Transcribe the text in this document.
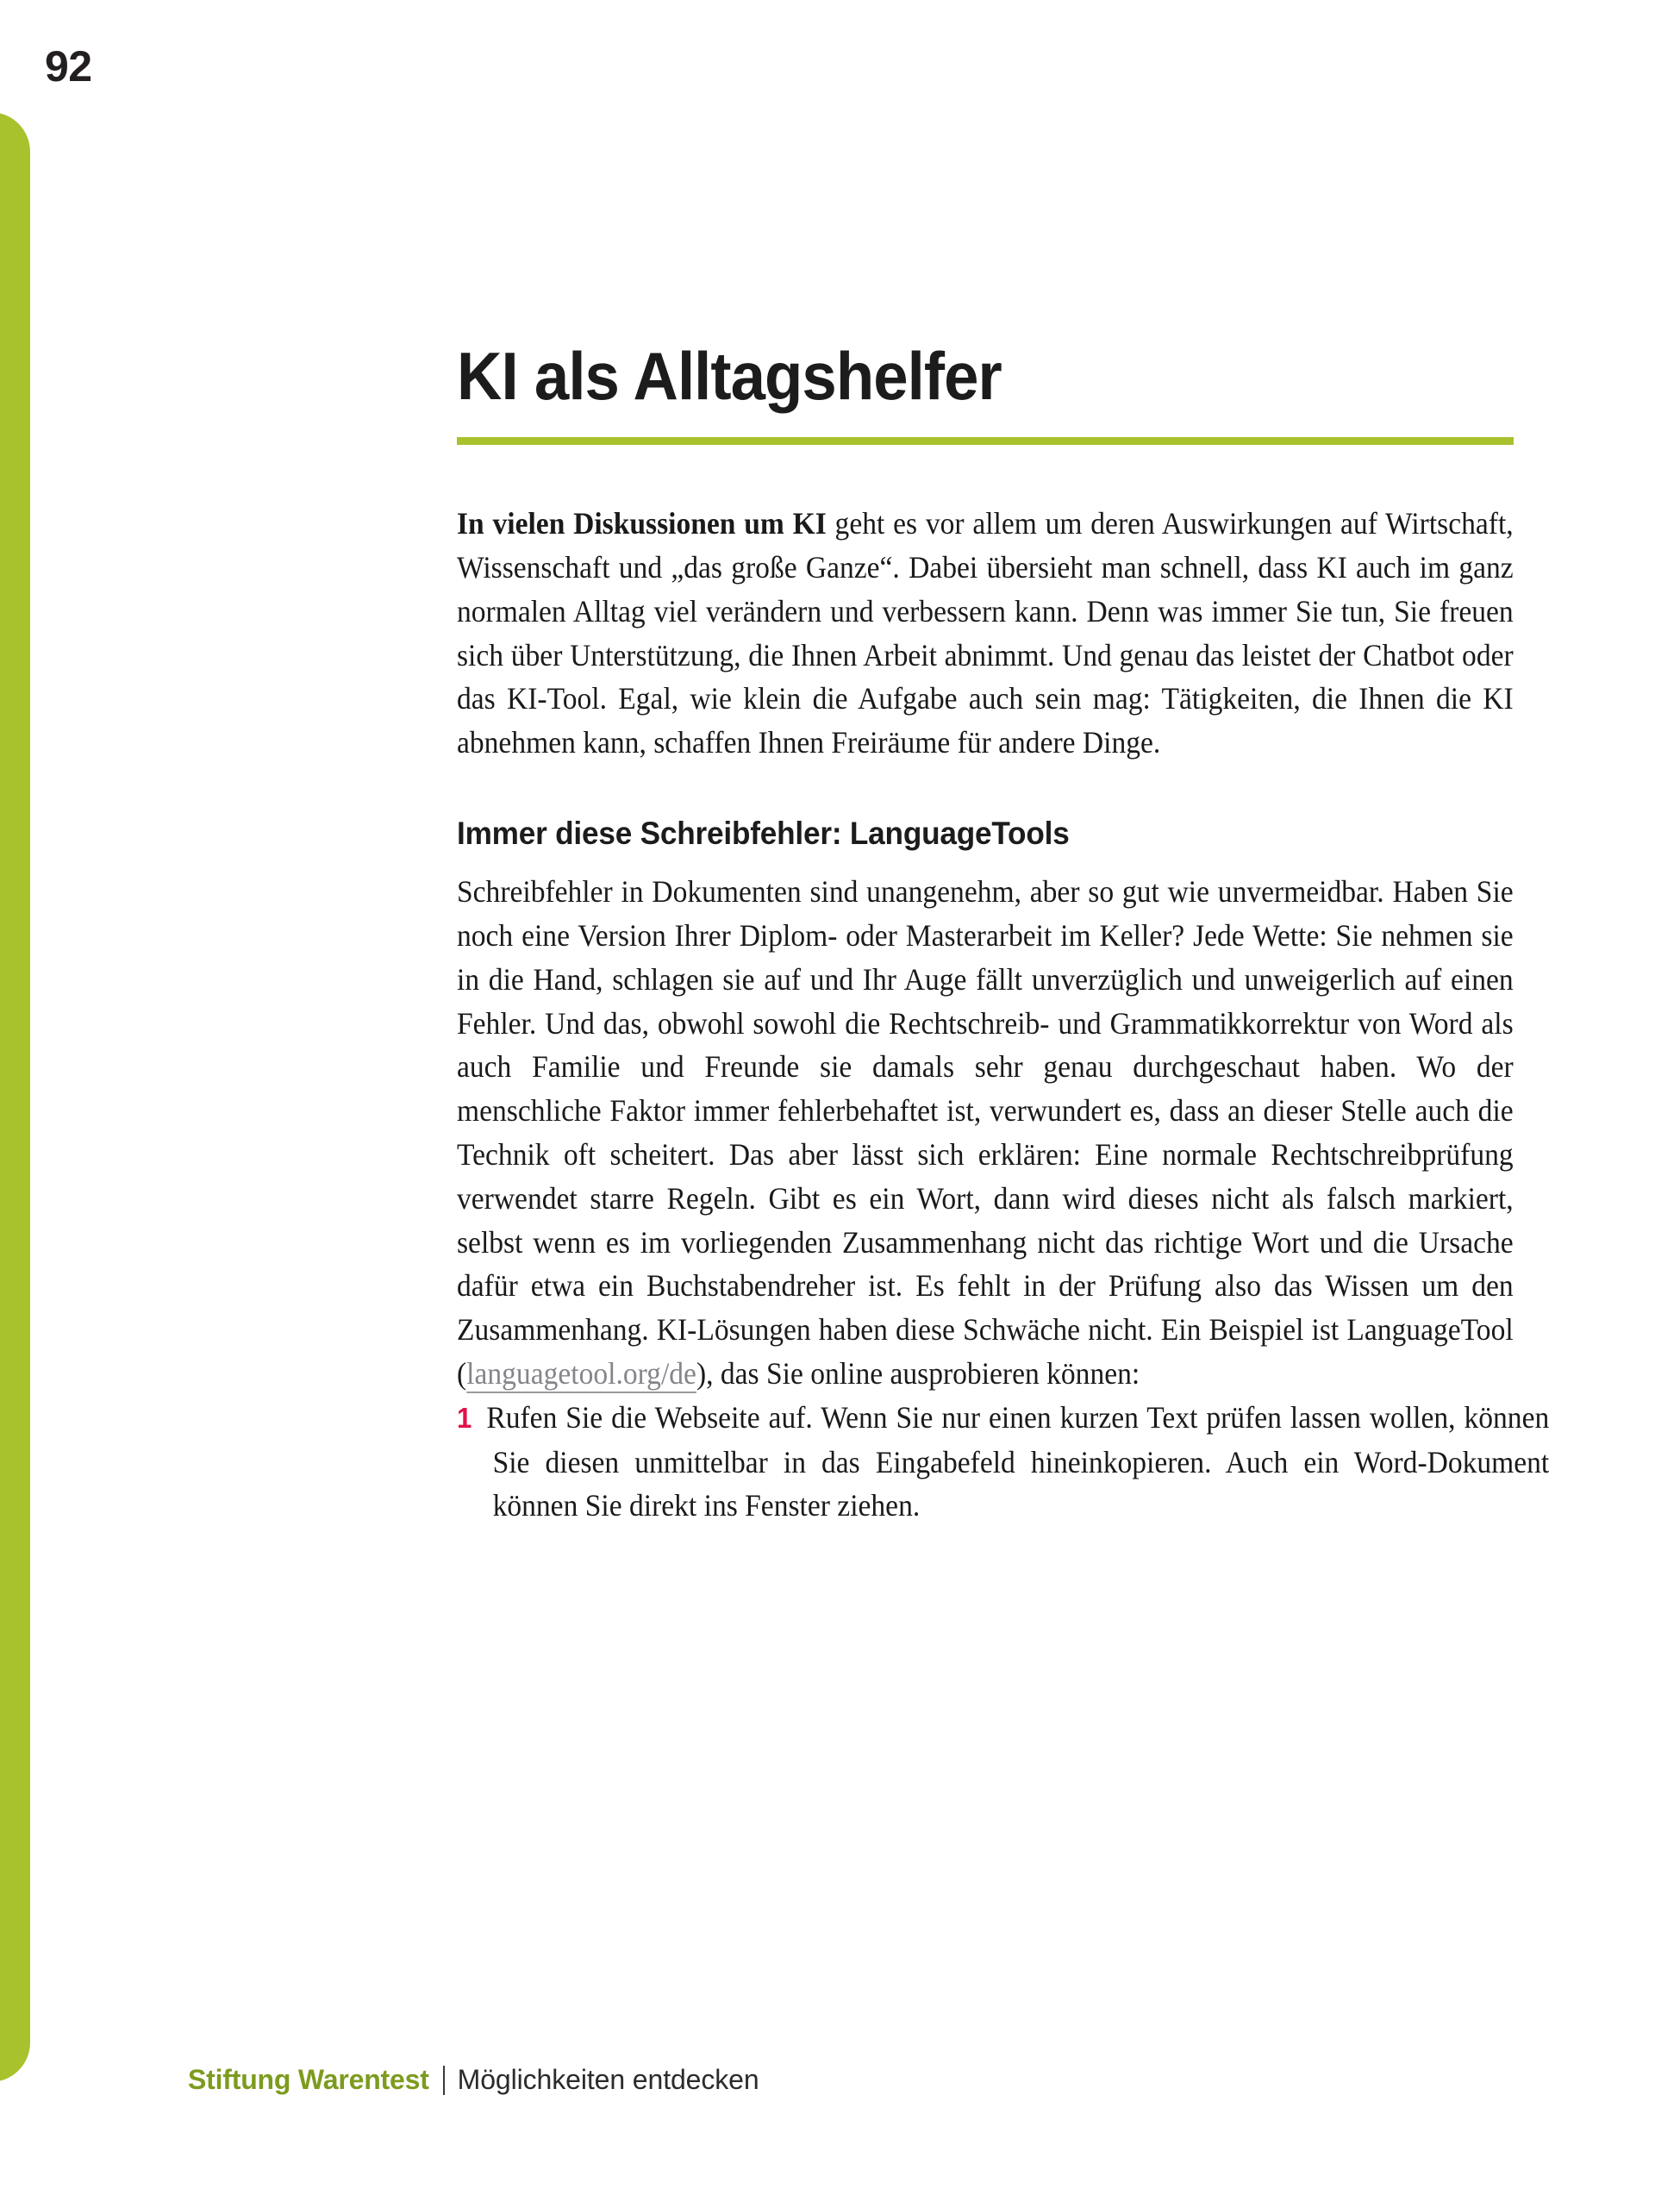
92
KI als Alltagshelfer

In vielen Diskussionen um KI geht es vor allem um deren Auswirkungen auf Wirtschaft, Wissenschaft und „das große Ganze“. Dabei übersieht man schnell, dass KI auch im ganz normalen Alltag viel verändern und verbessern kann. Denn was immer Sie tun, Sie freuen sich über Unterstützung, die Ihnen Arbeit abnimmt. Und genau das leistet der Chatbot oder das KI-Tool. Egal, wie klein die Aufgabe auch sein mag: Tätigkeiten, die Ihnen die KI abnehmen kann, schaffen Ihnen Freiräume für andere Dinge.

Immer diese Schreibfehler: LanguageTools

Schreibfehler in Dokumenten sind unangenehm, aber so gut wie unvermeidbar. Haben Sie noch eine Version Ihrer Diplom- oder Masterarbeit im Keller? Jede Wette: Sie nehmen sie in die Hand, schlagen sie auf und Ihr Auge fällt unverzüglich und unweigerlich auf einen Fehler. Und das, obwohl sowohl die Rechtschreib- und Grammatikkorrektur von Word als auch Familie und Freunde sie damals sehr genau durchgeschaut haben. Wo der menschliche Faktor immer fehlerbehaftet ist, verwundert es, dass an dieser Stelle auch die Technik oft scheitert. Das aber lässt sich erklären: Eine normale Rechtschreibprüfung verwendet starre Regeln. Gibt es ein Wort, dann wird dieses nicht als falsch markiert, selbst wenn es im vorliegenden Zusammenhang nicht das richtige Wort und die Ursache dafür etwa ein Buchstabendreher ist. Es fehlt in der Prüfung also das Wissen um den Zusammenhang. KI-Lösungen haben diese Schwäche nicht. Ein Beispiel ist LanguageTool (languagetool.org/de), das Sie online ausprobieren können:

1 Rufen Sie die Webseite auf. Wenn Sie nur einen kurzen Text prüfen lassen wollen, können Sie diesen unmittelbar in das Eingabefeld hineinkopieren. Auch ein Word-Dokument können Sie direkt ins Fenster ziehen.
Stiftung Warentest Möglichkeiten entdecken
